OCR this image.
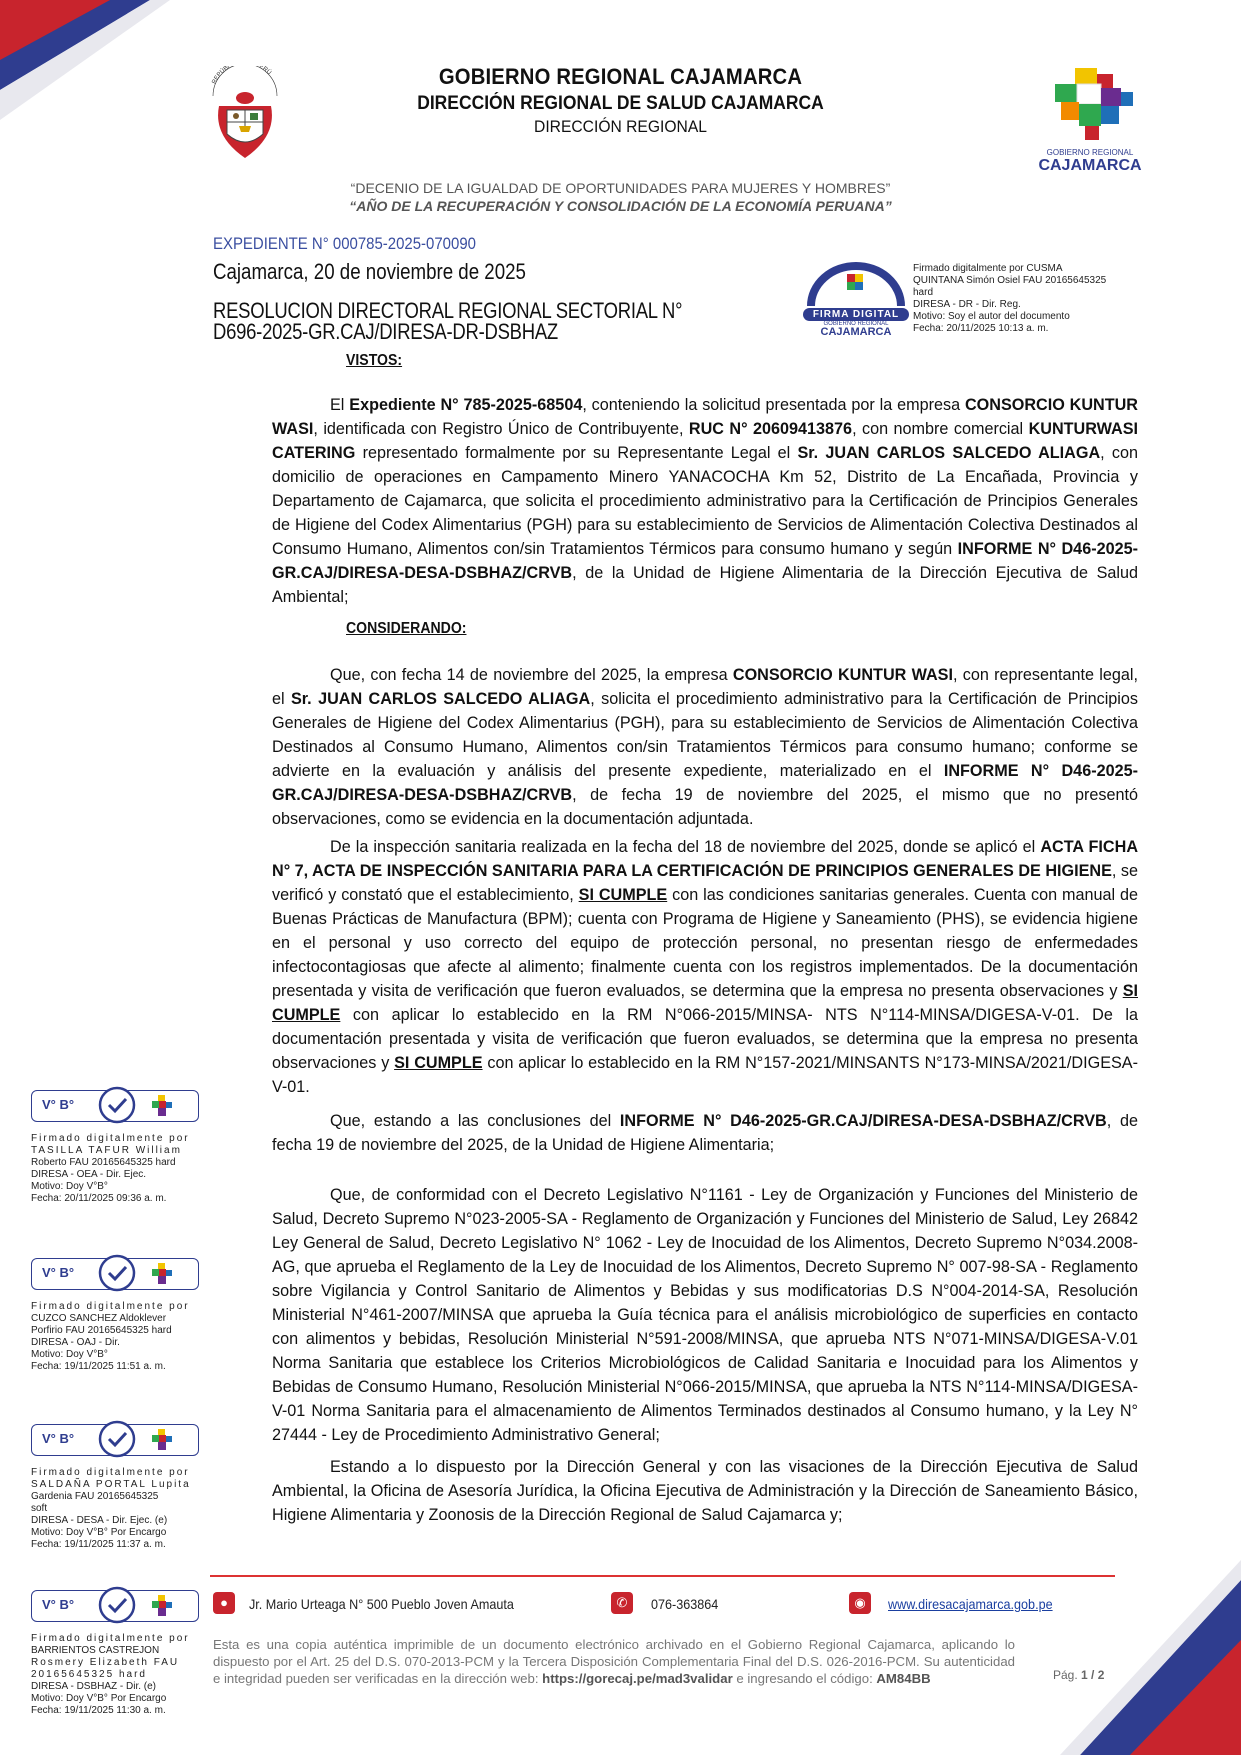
REPÚBL ERÚ
GOBIERNO REGIONAL
CAJAMARCA
GOBIERNO REGIONAL CAJAMARCA
DIRECCIÓN REGIONAL DE SALUD CAJAMARCA
DIRECCIÓN REGIONAL
“DECENIO DE LA IGUALDAD DE OPORTUNIDADES PARA MUJERES Y HOMBRES”
“AÑO DE LA RECUPERACIÓN Y CONSOLIDACIÓN DE LA ECONOMÍA PERUANA”
EXPEDIENTE N° 000785-2025-070090
Cajamarca, 20 de noviembre de 2025
RESOLUCION DIRECTORAL REGIONAL SECTORIAL N°
D696-2025-GR.CAJ/DIRESA-DR-DSBHAZ
FIRMA DIGITAL
GOBIERNO REGIONAL
CAJAMARCA
Firmado digitalmente por CUSMA
QUINTANA Simón Osiel FAU 20165645325
hard
DIRESA - DR - Dir. Reg.
Motivo: Soy el autor del documento
Fecha: 20/11/2025 10:13 a. m.
VISTOS:
CONSIDERANDO:
El Expediente N° 785-2025-68504, conteniendo la solicitud presentada por la empresa CONSORCIO KUNTUR WASI, identificada con Registro Único de Contribuyente, RUC N° 20609413876, con nombre comercial KUNTURWASI CATERING representado formalmente por su Representante Legal el Sr. JUAN CARLOS SALCEDO ALIAGA, con domicilio de operaciones en Campamento Minero YANACOCHA Km 52, Distrito de La Encañada, Provincia y Departamento de Cajamarca, que solicita el procedimiento administrativo para la Certificación de Principios Generales de Higiene del Codex Alimentarius (PGH) para su establecimiento de Servicios de Alimentación Colectiva Destinados al Consumo Humano, Alimentos con/sin Tratamientos Térmicos para consumo humano y según INFORME N° D46-2025-GR.CAJ/DIRESA-DESA-DSBHAZ/CRVB, de la Unidad de Higiene Alimentaria de la Dirección Ejecutiva de Salud Ambiental;
Que, con fecha 14 de noviembre del 2025, la empresa CONSORCIO KUNTUR WASI, con representante legal, el Sr. JUAN CARLOS SALCEDO ALIAGA, solicita el procedimiento administrativo para la Certificación de Principios Generales de Higiene del Codex Alimentarius (PGH), para su establecimiento de Servicios de Alimentación Colectiva Destinados al Consumo Humano, Alimentos con/sin Tratamientos Térmicos para consumo humano; conforme se advierte en la evaluación y análisis del presente expediente, materializado en el INFORME N° D46-2025-GR.CAJ/DIRESA-DESA-DSBHAZ/CRVB, de fecha 19 de noviembre del 2025, el mismo que no presentó observaciones, como se evidencia en la documentación adjuntada.
De la inspección sanitaria realizada en la fecha del 18 de noviembre del 2025, donde se aplicó el ACTA FICHA N° 7, ACTA DE INSPECCIÓN SANITARIA PARA LA CERTIFICACIÓN DE PRINCIPIOS GENERALES DE HIGIENE, se verificó y constató que el establecimiento, SI CUMPLE con las condiciones sanitarias generales. Cuenta con manual de Buenas Prácticas de Manufactura (BPM); cuenta con Programa de Higiene y Saneamiento (PHS), se evidencia higiene en el personal y uso correcto del equipo de protección personal, no presentan riesgo de enfermedades infectocontagiosas que afecte al alimento; finalmente cuenta con los registros implementados. De la documentación presentada y visita de verificación que fueron evaluados, se determina que la empresa no presenta observaciones y SI CUMPLE con aplicar lo establecido en la RM N°066-2015/MINSA- NTS N°114-MINSA/DIGESA-V-01. De la documentación presentada y visita de verificación que fueron evaluados, se determina que la empresa no presenta observaciones y SI CUMPLE con aplicar lo establecido en la RM N°157-2021/MINSANTS N°173-MINSA/2021/DIGESA-V-01.
Que, estando a las conclusiones del INFORME N° D46-2025-GR.CAJ/DIRESA-DESA-DSBHAZ/CRVB, de fecha 19 de noviembre del 2025, de la Unidad de Higiene Alimentaria;
Que, de conformidad con el Decreto Legislativo N°1161 - Ley de Organización y Funciones del Ministerio de Salud, Decreto Supremo N°023-2005-SA - Reglamento de Organización y Funciones del Ministerio de Salud, Ley 26842 Ley General de Salud, Decreto Legislativo N° 1062 - Ley de Inocuidad de los Alimentos, Decreto Supremo N°034.2008-AG, que aprueba el Reglamento de la Ley de Inocuidad de los Alimentos, Decreto Supremo N° 007-98-SA - Reglamento sobre Vigilancia y Control Sanitario de Alimentos y Bebidas y sus modificatorias D.S N°004-2014-SA, Resolución Ministerial N°461-2007/MINSA que aprueba la Guía técnica para el análisis microbiológico de superficies en contacto con alimentos y bebidas, Resolución Ministerial N°591-2008/MINSA, que aprueba NTS N°071-MINSA/DIGESA-V.01 Norma Sanitaria que establece los Criterios Microbiológicos de Calidad Sanitaria e Inocuidad para los Alimentos y Bebidas de Consumo Humano, Resolución Ministerial N°066-2015/MINSA, que aprueba la NTS N°114-MINSA/DIGESA- V-01 Norma Sanitaria para el almacenamiento de Alimentos Terminados destinados al Consumo humano, y la Ley N° 27444 - Ley de Procedimiento Administrativo General;
Estando a lo dispuesto por la Dirección General y con las visaciones de la Dirección Ejecutiva de Salud Ambiental, la Oficina de Asesoría Jurídica, la Oficina Ejecutiva de Administración y la Dirección de Saneamiento Básico, Higiene Alimentaria y Zoonosis de la Dirección Regional de Salud Cajamarca y;
V° B°
Firmado digitalmente por
TASILLA TAFUR William
Roberto FAU 20165645325 hard
DIRESA - OEA - Dir. Ejec.
Motivo: Doy V°B°
Fecha: 20/11/2025 09:36 a. m.
V° B°
Firmado digitalmente por
CUZCO SANCHEZ Aldoklever
Porfirio FAU 20165645325 hard
DIRESA - OAJ - Dir.
Motivo: Doy V°B°
Fecha: 19/11/2025 11:51 a. m.
V° B°
Firmado digitalmente por
SALDAÑA PORTAL Lupita
Gardenia FAU 20165645325
soft
DIRESA - DESA - Dir. Ejec. (e)
Motivo: Doy V°B° Por Encargo
Fecha: 19/11/2025 11:37 a. m.
V° B°
Firmado digitalmente por
BARRIENTOS CASTREJON
Rosmery Elizabeth FAU
20165645325 hard
DIRESA - DSBHAZ - Dir. (e)
Motivo: Doy V°B° Por Encargo
Fecha: 19/11/2025 11:30 a. m.
●	Jr. Mario Urteaga N° 500 Pueblo Joven Amauta	✆	076-363864	◉	www.diresacajamarca.gob.pe
Esta es una copia auténtica imprimible de un documento electrónico archivado en el Gobierno Regional Cajamarca, aplicando lo dispuesto por el Art. 25 del D.S. 070-2013-PCM y la Tercera Disposición Complementaria Final del D.S. 026-2016-PCM. Su autenticidad e integridad pueden ser verificadas en la dirección web: https://gorecaj.pe/mad3validar e ingresando el código: AM84BB	Pág. 1 / 2
